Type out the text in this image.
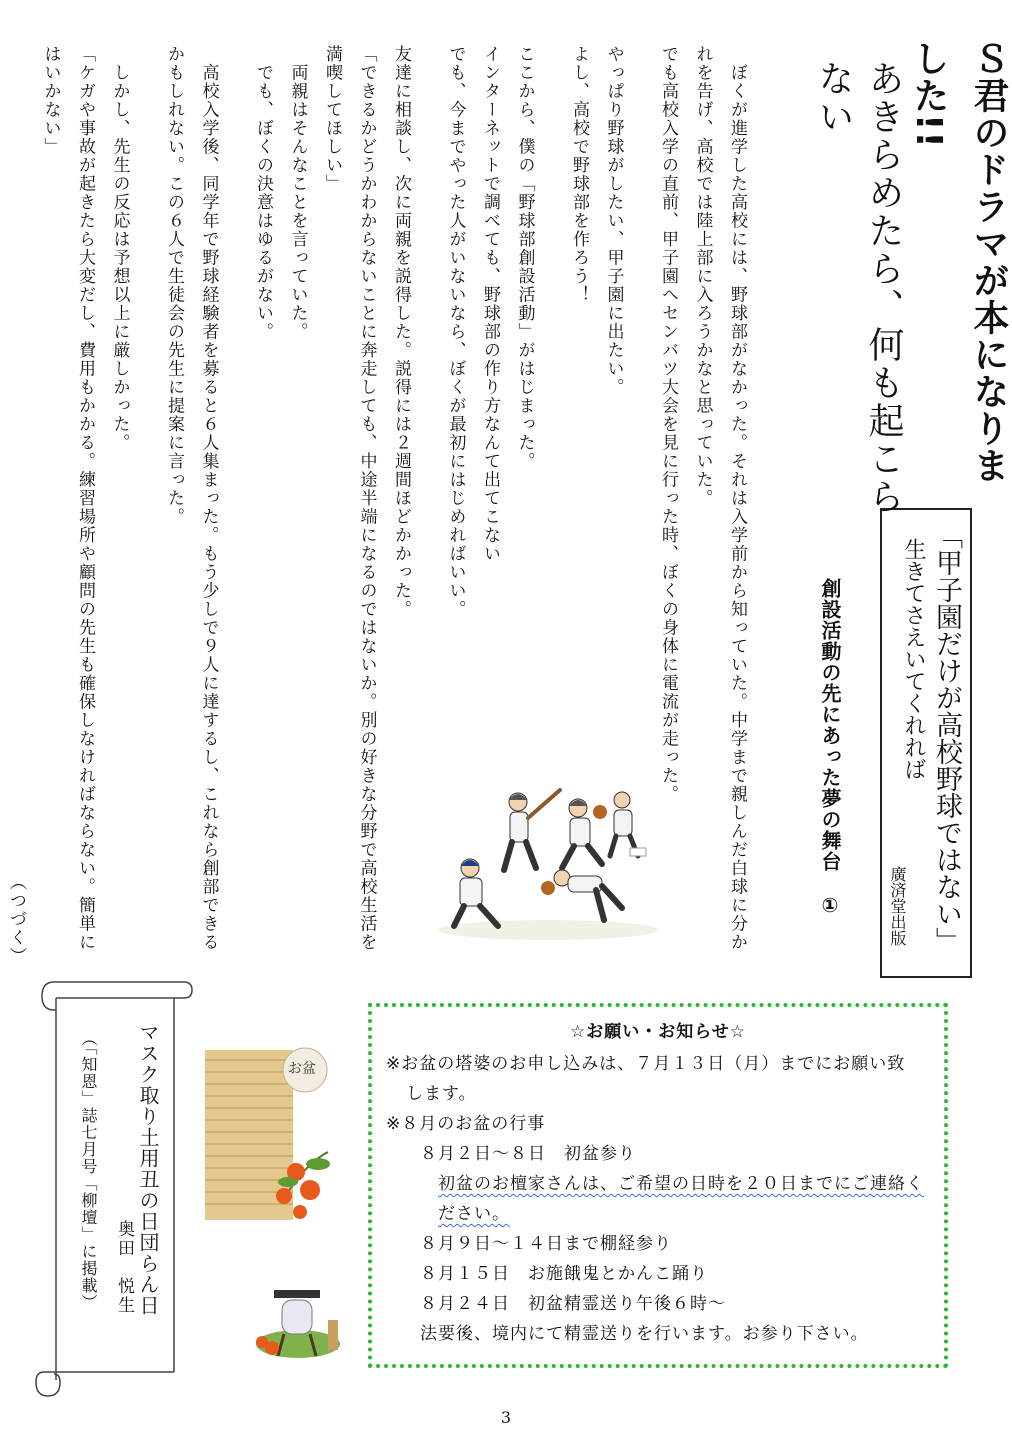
Ｓ君のドラマが本になりました!!
「甲子園だけが高校野球ではない」
生きてさえいてくれれば
廣済堂出版
あきらめたら、何も起こらない
創設活動の先にあった夢の舞台　①
　ぼくが進学した高校には、野球部がなかった。それは入学前から知っていた。中学まで親しんだ白球に分かれを告げ、高校では陸上部に入ろうかなと思っていた。
でも高校入学の直前、甲子園へセンバツ大会を見に行った時、ぼくの身体に電流が走った。
やっぱり野球がしたい、甲子園に出たい。
よし、高校で野球部を作ろう！
ここから、僕の「野球部創設活動」がはじまった。
インターネットで調べても、野球部の作り方なんて出てこない
でも、今までやった人がいないなら、ぼくが最初にはじめればいい。
友達に相談し、次に両親を説得した。説得には２週間ほどかかった。
「できるかどうかわからないことに奔走しても、中途半端になるのではないか。別の好きな分野で高校生活を満喫してほしい」
　両親はそんなことを言っていた。
　でも、ぼくの決意はゆるがない。
　高校入学後、同学年で野球経験者を募ると６人集まった。もう少しで９人に達するし、これなら創部できるかもしれない。この６人で生徒会の先生に提案に言った。
　しかし、先生の反応は予想以上に厳しかった。
「ケガや事故が起きたら大変だし、費用もかかる。練習場所や顧問の先生も確保しなければならない。簡単にはいかない」
（つづく）
マスク取り土用丑の日団らん日
奥田　悦生
（「知恩」誌七月号「柳壇」に掲載）	お盆
☆お願い・お知らせ☆
※お盆の塔婆のお申し込みは、７月１３日（月）までにお願い致
します。
※８月のお盆の行事
８月２日～８日　初盆参り
初盆のお檀家さんは、ご希望の日時を２０日までにご連絡く
ださい。
８月９日～１４日まで棚経参り
８月１５日　お施餓鬼とかんこ踊り
８月２４日　初盆精霊送り午後６時～
法要後、境内にて精霊送りを行います。お参り下さい。
3
